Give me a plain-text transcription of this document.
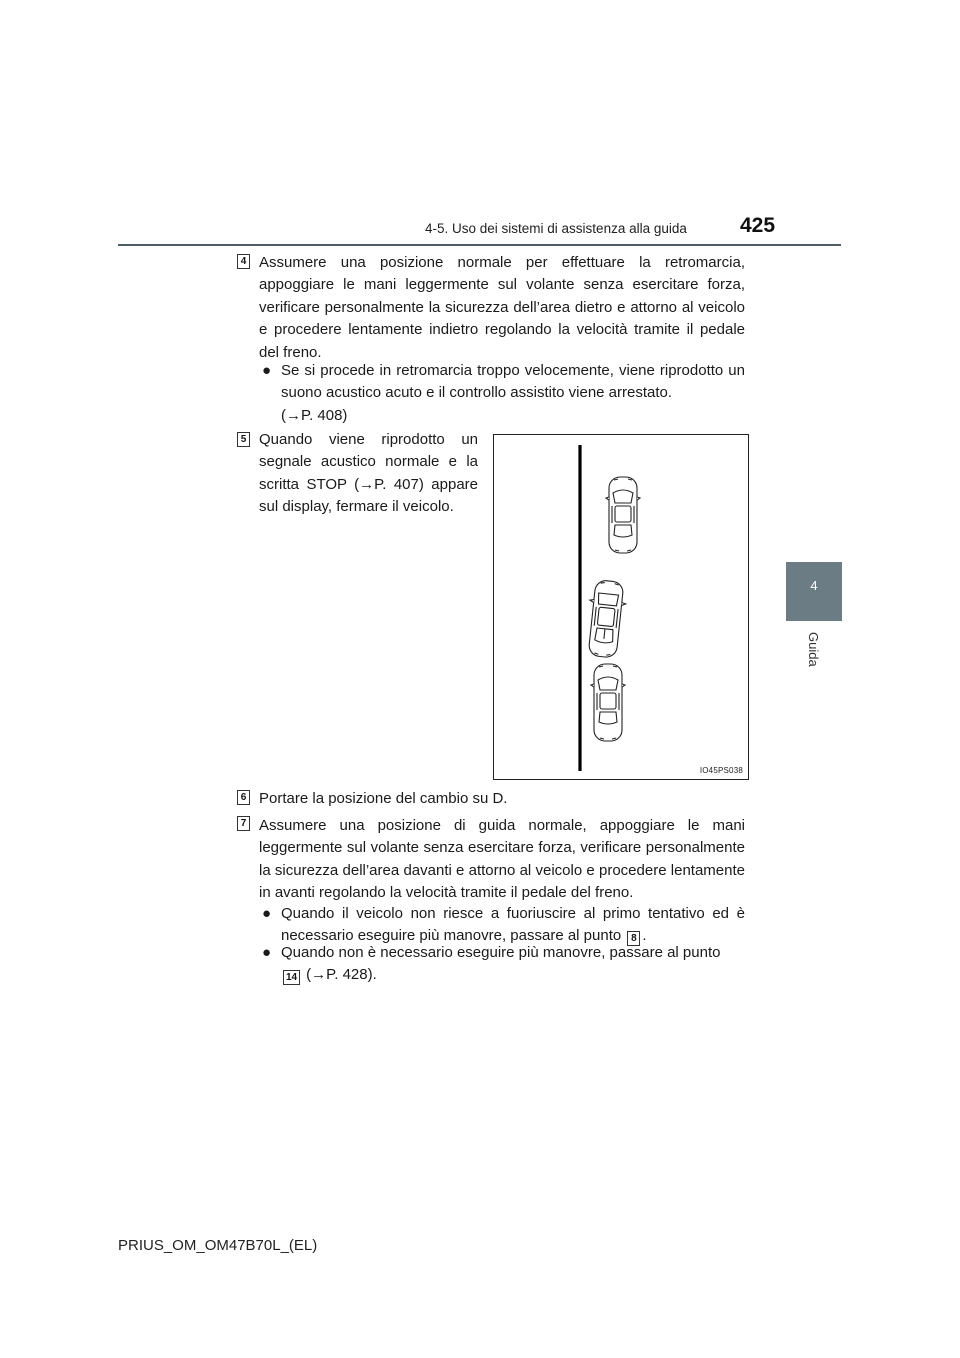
4-5. Uso dei sistemi di assistenza alla guida	425
4
Guida
4 Assumere una posizione normale per effettuare la retromarcia, appoggiare le mani leggermente sul volante senza esercitare forza, verificare personalmente la sicurezza dell’area dietro e attorno al veicolo e procedere lentamente indietro regolando la velocità tramite il pedale del freno.
● Se si procede in retromarcia troppo velocemente, viene riprodotto un suono acustico acuto e il controllo assistito viene arrestato.
(→P. 408)
5 Quando viene riprodotto un segnale acustico normale e la scritta STOP (→P. 407) appare sul display, fermare il veicolo.
IO45PS038
6 Portare la posizione del cambio su D.
7 Assumere una posizione di guida normale, appoggiare le mani leggermente sul volante senza esercitare forza, verificare personalmente la sicurezza dell’area davanti e attorno al veicolo e procedere lentamente in avanti regolando la velocità tramite il pedale del freno.
● Quando il veicolo non riesce a fuoriuscire al primo tentativo ed è necessario eseguire più manovre, passare al punto 8 .
● Quando non è necessario eseguire più manovre, passare al punto
14 (→P. 428).
PRIUS_OM_OM47B70L_(EL)
